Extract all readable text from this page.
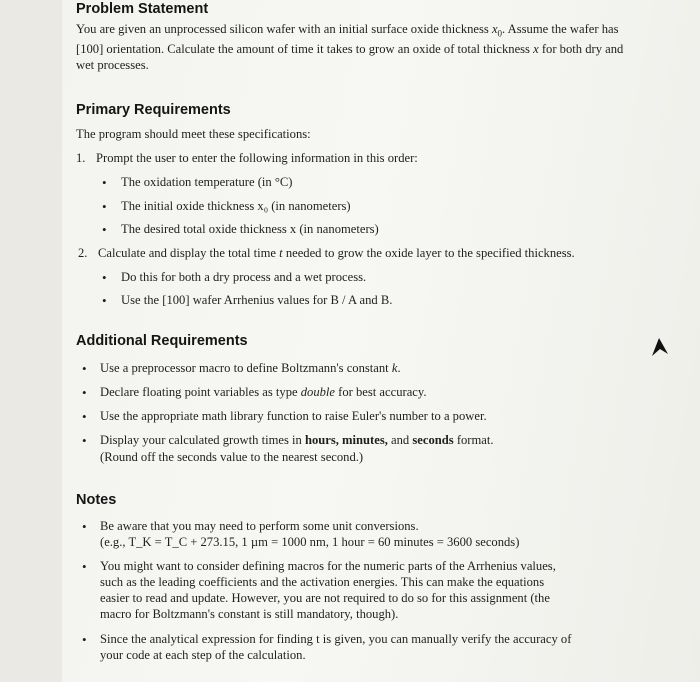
Problem Statement

You are given an unprocessed silicon wafer with an initial surface oxide thickness $x_0$. Assume the wafer has [100] orientation. Calculate the amount of time it takes to grow an oxide of total thickness x for both dry and wet processes.

Primary Requirements
The program should meet these specifications:
1. Prompt the user to enter the following information in this order:
• The oxidation temperature (in °C)
• The initial oxide thickness x₀ (in nanometers)
• The desired total oxide thickness x (in nanometers)
2. Calculate and display the total time t needed to grow the oxide layer to the specified thickness.
• Do this for both a dry process and a wet process.
• Use the [100] wafer Arrhenius values for B / A and B.
Additional Requirements
• Use a preprocessor macro to define Boltzmann's constant k.
• Declare floating point variables as type double for best accuracy.
• Use the appropriate math library function to raise Euler's number to a power.
• Display your calculated growth times in hours, minutes, and seconds format.
(Round off the seconds value to the nearest second.)
Notes
• Be aware that you may need to perform some unit conversions.
(e.g., T_K = T_C + 273.15, 1 µm = 1000 nm, 1 hour = 60 minutes = 3600 seconds)
• You might want to consider defining macros for the numeric parts of the Arrhenius values,
such as the leading coefficients and the activation energies. This can make the equations
easier to read and update. However, you are not required to do so for this assignment (the
macro for Boltzmann's constant is still mandatory, though).
• Since the analytical expression for finding t is given, you can manually verify the accuracy of
your code at each step of the calculation.
